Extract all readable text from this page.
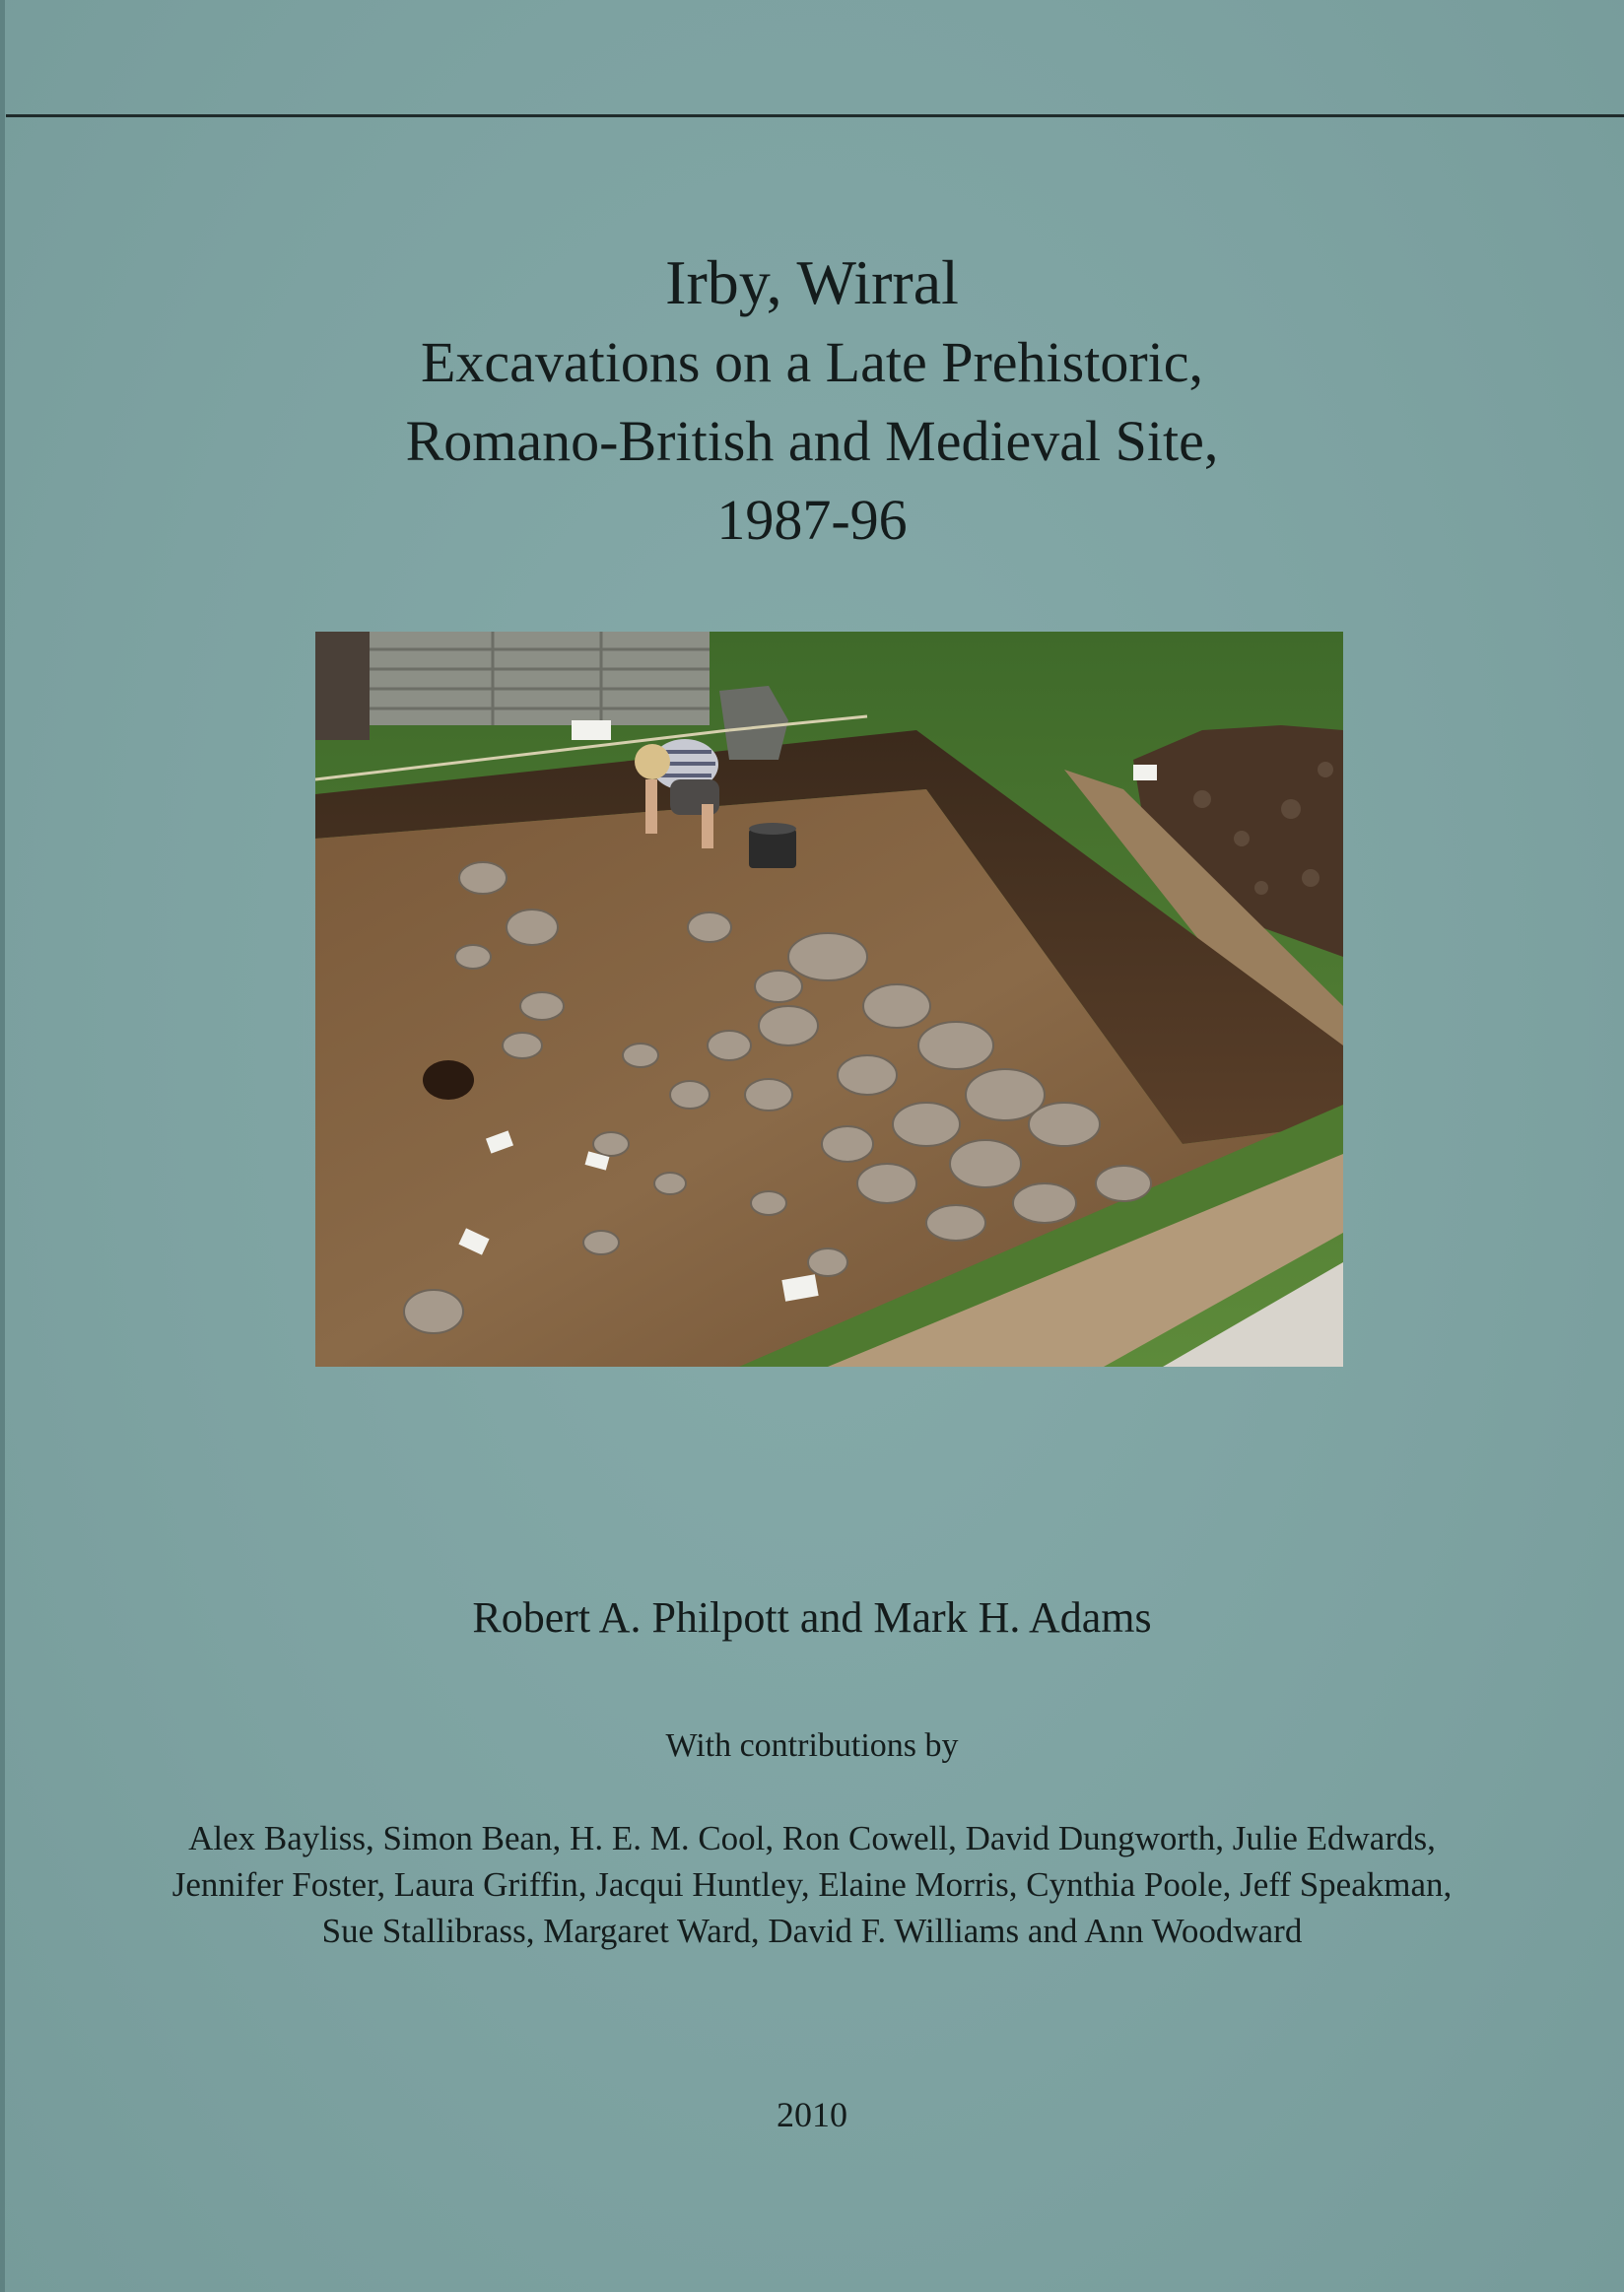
Irby, Wirral
Excavations on a Late Prehistoric,
Romano-British and Medieval Site,
1987-96
Robert A. Philpott and Mark H. Adams
With contributions by
Alex Bayliss, Simon Bean, H. E. M. Cool, Ron Cowell, David Dungworth, Julie Edwards,
Jennifer Foster, Laura Griffin, Jacqui Huntley, Elaine Morris, Cynthia Poole, Jeff Speakman,
Sue Stallibrass, Margaret Ward, David F. Williams and Ann Woodward
2010
